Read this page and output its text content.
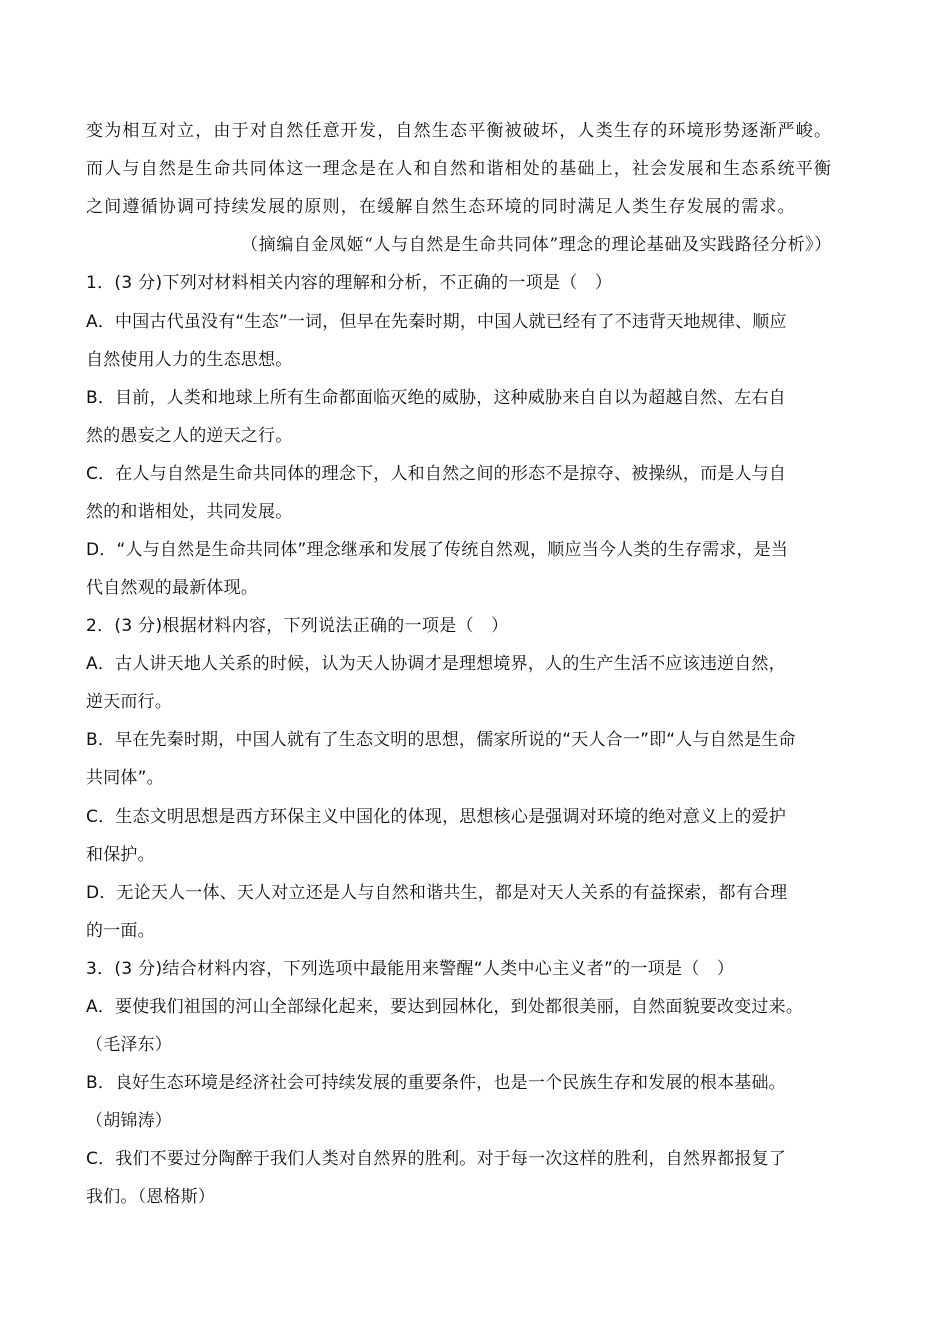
变为相互对立，由于对自然任意开发，自然生态平衡被破坏，人类生存的环境形势逐渐严峻。
而人与自然是生命共同体这一理念是在人和自然和谐相处的基础上，社会发展和生态系统平衡
之间遵循协调可持续发展的原则，在缓解自然生态环境的同时满足人类生存发展的需求。
（摘编自金凤姬“人与自然是生命共同体”理念的理论基础及实践路径分析》）
1．(3 分)下列对材料相关内容的理解和分析，不正确的一项是（　）
A．中国古代虽没有“生态”一词，但早在先秦时期，中国人就已经有了不违背天地规律、顺应
自然使用人力的生态思想。
B．目前，人类和地球上所有生命都面临灭绝的威胁，这种威胁来自自以为超越自然、左右自
然的愚妄之人的逆天之行。
C．在人与自然是生命共同体的理念下，人和自然之间的形态不是掠夺、被操纵，而是人与自
然的和谐相处，共同发展。
D．“人与自然是生命共同体”理念继承和发展了传统自然观，顺应当今人类的生存需求，是当
代自然观的最新体现。
2．(3 分)根据材料内容，下列说法正确的一项是（　）
A．古人讲天地人关系的时候，认为天人协调才是理想境界，人的生产生活不应该违逆自然，
逆天而行。
B．早在先秦时期，中国人就有了生态文明的思想，儒家所说的“天人合一”即“人与自然是生命
共同体”。
C．生态文明思想是西方环保主义中国化的体现，思想核心是强调对环境的绝对意义上的爱护
和保护。
D．无论天人一体、天人对立还是人与自然和谐共生，都是对天人关系的有益探索，都有合理
的一面。
3．(3 分)结合材料内容，下列选项中最能用来警醒“人类中心主义者”的一项是（　）
A．要使我们祖国的河山全部绿化起来，要达到园林化，到处都很美丽，自然面貌要改变过来。
（毛泽东）
B．良好生态环境是经济社会可持续发展的重要条件，也是一个民族生存和发展的根本基础。
（胡锦涛）
C．我们不要过分陶醉于我们人类对自然界的胜利。对于每一次这样的胜利，自然界都报复了
我们。（恩格斯）
